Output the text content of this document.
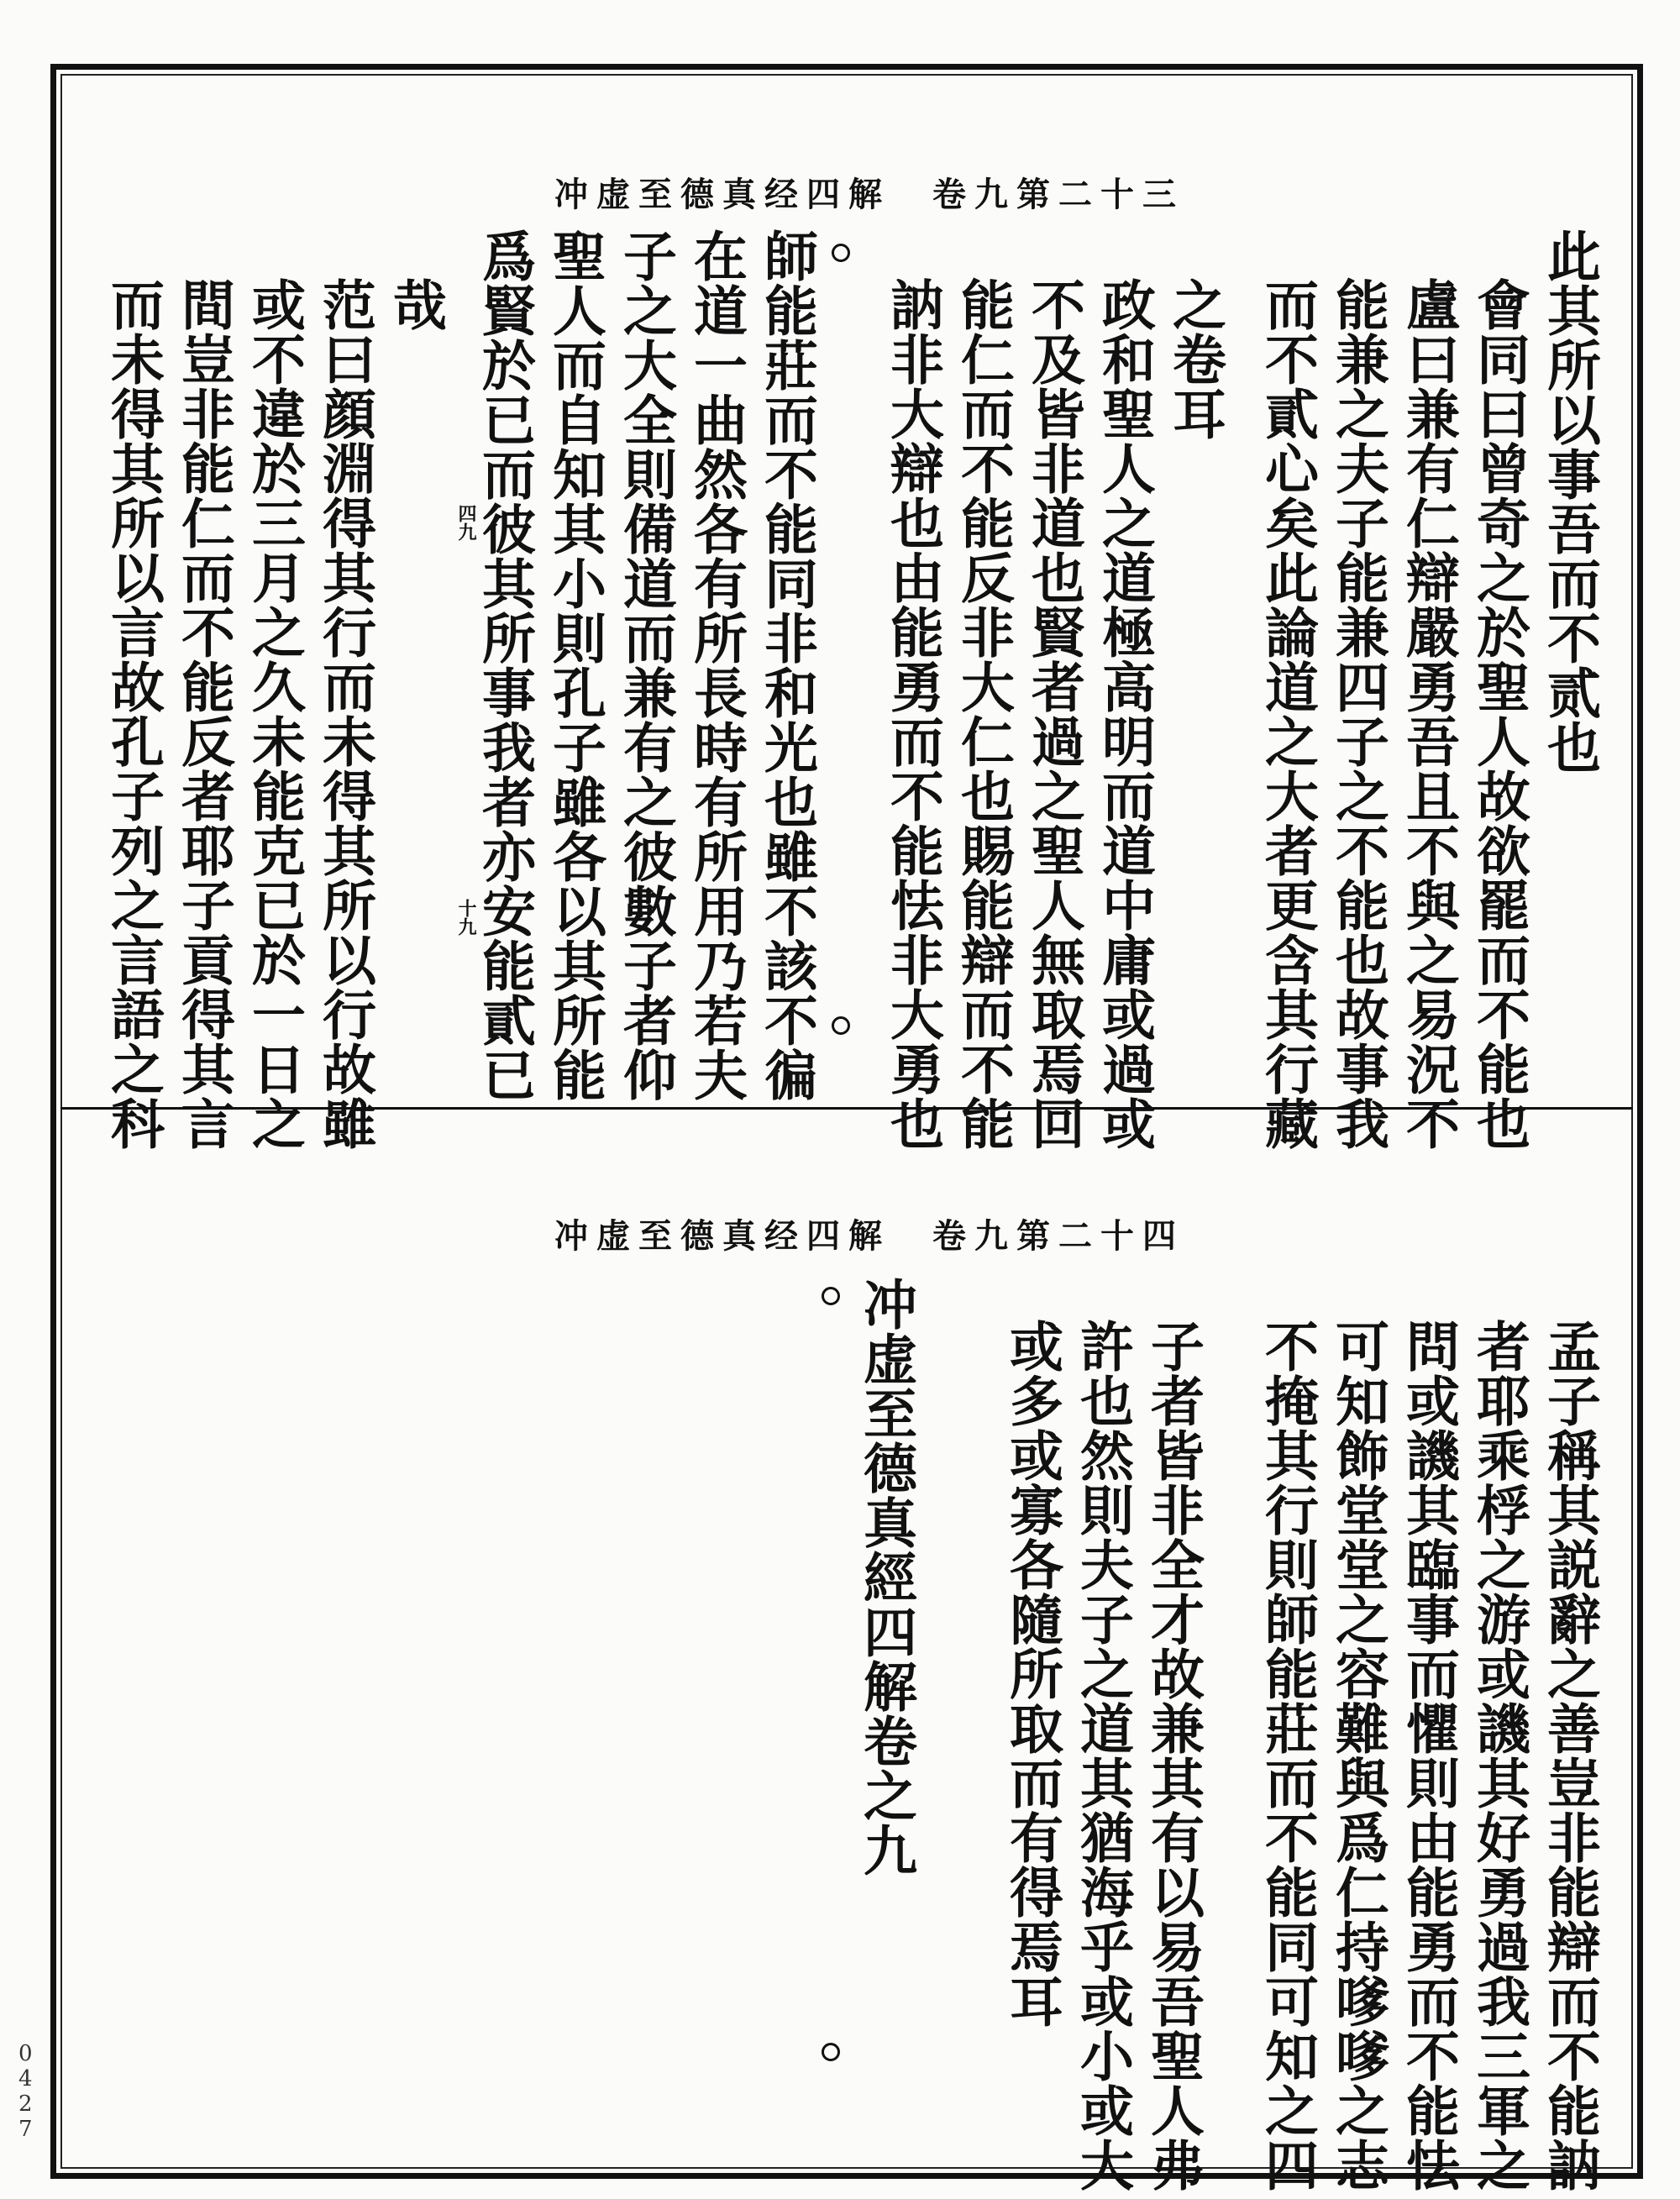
冲虚至德真经四解　卷九第二十三
此其所以事吾而不贰也
會同曰曾奇之於聖人故欲罷而不能也
盧曰兼有仁辯嚴勇吾且不與之易況不
能兼之夫子能兼四子之不能也故事我
而不貳心矣此論道之大者更含其行藏
之卷耳
政和聖人之道極高明而道中庸或過或
不及皆非道也賢者過之聖人無取焉回
能仁而不能反非大仁也賜能辯而不能
訥非大辯也由能勇而不能怯非大勇也
師能莊而不能同非和光也雖不該不徧
在道一曲然各有所長時有所用乃若夫
子之大全則備道而兼有之彼數子者仰
聖人而自知其小則孔子雖各以其所能
爲賢於已而彼其所事我者亦安能貳已
哉
范曰顔淵得其行而未得其所以行故雖
或不違於三月之久未能克已於一日之
間豈非能仁而不能反者耶子貢得其言
而未得其所以言故孔子列之言語之科	四九
十九
冲虚至德真经四解　卷九第二十四
孟子稱其説辭之善豈非能辯而不能訥
者耶乘桴之游或譏其好勇過我三軍之
問或譏其臨事而懼則由能勇而不能怯
可知飾堂堂之容難與爲仁持嗲嗲之志
不掩其行則師能莊而不能同可知之四
子者皆非全才故兼其有以易吾聖人弗
許也然則夫子之道其猶海乎或小或大
或多或寡各隨所取而有得焉耳
冲虚至德真經四解卷之九
0
4
2
7
